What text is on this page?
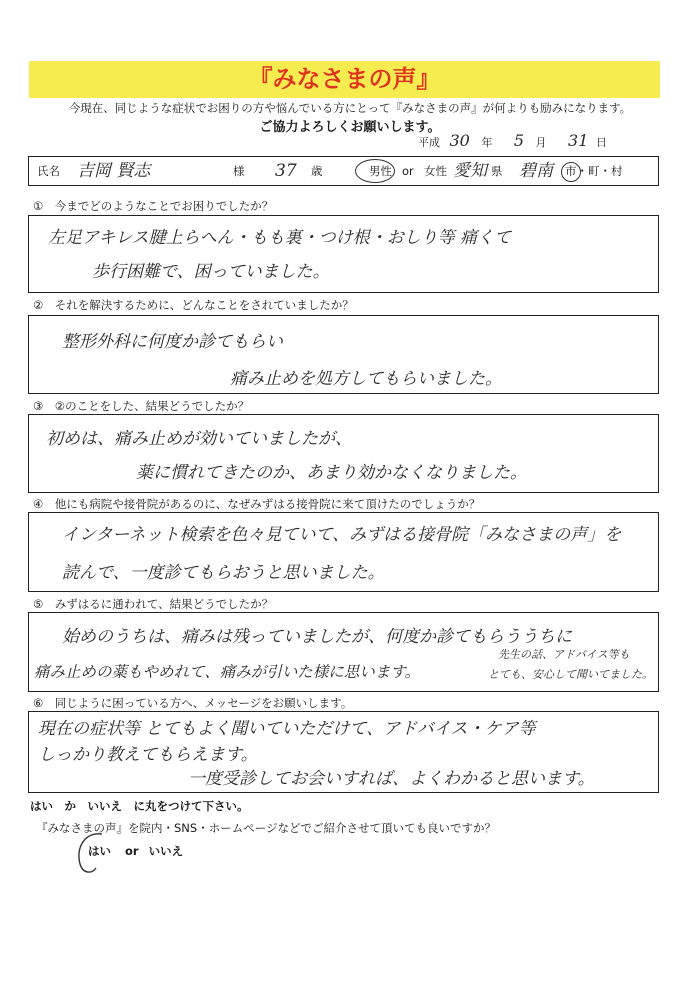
『みなさまの声』
今現在、同じような症状でお困りの方や悩んでいる方にとって『みなさまの声』が何よりも励みになります。
ご協力よろしくお願いします。
平成 30 年 5 月 31 日
氏名 吉岡 賢志	様 37 歳	男性 or 女性 愛知 県 碧南 市・町・村
①　今までどのようなことでお困りでしたか？
左足アキレス腱上らへん・もも裏・つけ根・おしり等 痛くて
歩行困難で、困っていました。
②　それを解決するために、どんなことをされていましたか？
整形外科に何度か診てもらい
痛み止めを処方してもらいました。
③　②のことをした、結果どうでしたか？
初めは、痛み止めが効いていましたが、
薬に慣れてきたのか、あまり効かなくなりました。
④　他にも病院や接骨院があるのに、なぜみずはる接骨院に来て頂けたのでしょうか？
インターネット検索を色々見ていて、みずはる接骨院「みなさまの声」を
読んで、一度診てもらおうと思いました。
⑤　みずはるに通われて、結果どうでしたか？
始めのうちは、痛みは残っていましたが、何度か診てもらううちに
痛み止めの薬もやめれて、痛みが引いた様に思います。
先生の話、アドバイス等も
とても、安心して聞いてました。
⑥　同じように困っている方へ、メッセージをお願いします。
現在の症状等 とてもよく聞いていただけて、アドバイス・ケア等
しっかり教えてもらえます。
一度受診してお会いすれば、よくわかると思います。
はい　か　いいえ　に丸をつけて下さい。
『みなさまの声』を院内・SNS・ホームページなどでご紹介させて頂いても良いですか？
はい or いいえ
